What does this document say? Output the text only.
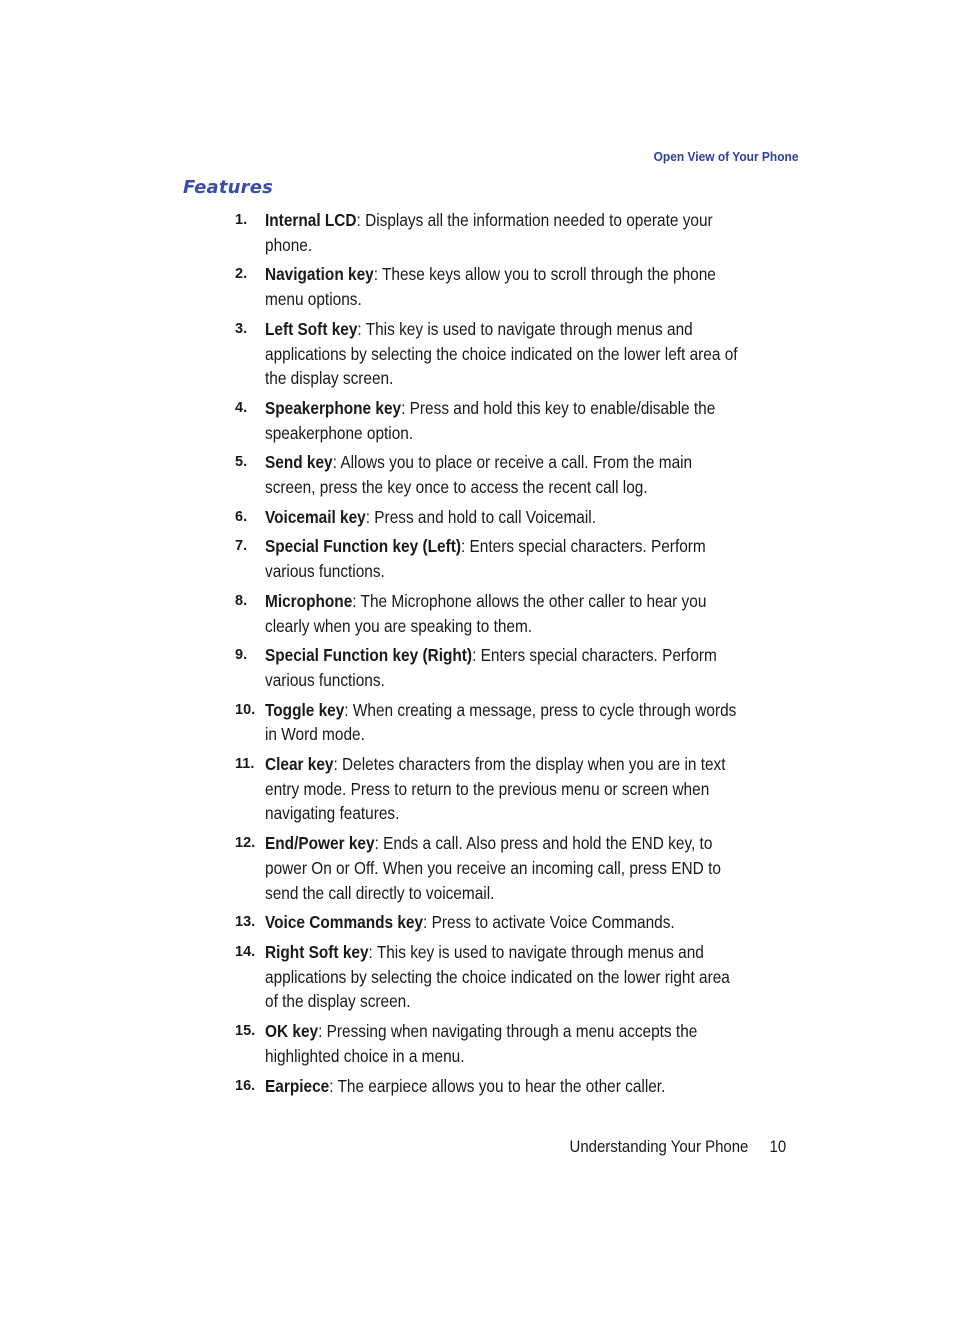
Open View of Your Phone
Features
1.	Internal LCD: Displays all the information needed to operate your phone.
2.	Navigation key: These keys allow you to scroll through the phone menu options.
3.	Left Soft key: This key is used to navigate through menus and applications by selecting the choice indicated on the lower left area of the display screen.
4.	Speakerphone key: Press and hold this key to enable/disable the speakerphone option.
5.	Send key: Allows you to place or receive a call. From the main screen, press the key once to access the recent call log.
6.	Voicemail key: Press and hold to call Voicemail.
7.	Special Function key (Left): Enters special characters. Perform various functions.
8.	Microphone: The Microphone allows the other caller to hear you clearly when you are speaking to them.
9.	Special Function key (Right): Enters special characters. Perform various functions.
10. Toggle key: When creating a message, press to cycle through words in Word mode.
11. Clear key: Deletes characters from the display when you are in text entry mode. Press to return to the previous menu or screen when navigating features.
12. End/Power key: Ends a call. Also press and hold the END key, to power On or Off. When you receive an incoming call, press END to send the call directly to voicemail.
13. Voice Commands key: Press to activate Voice Commands.
14. Right Soft key: This key is used to navigate through menus and applications by selecting the choice indicated on the lower right area of the display screen.
15. OK key: Pressing when navigating through a menu accepts the highlighted choice in a menu.
16. Earpiece: The earpiece allows you to hear the other caller.
Understanding Your Phone 10
